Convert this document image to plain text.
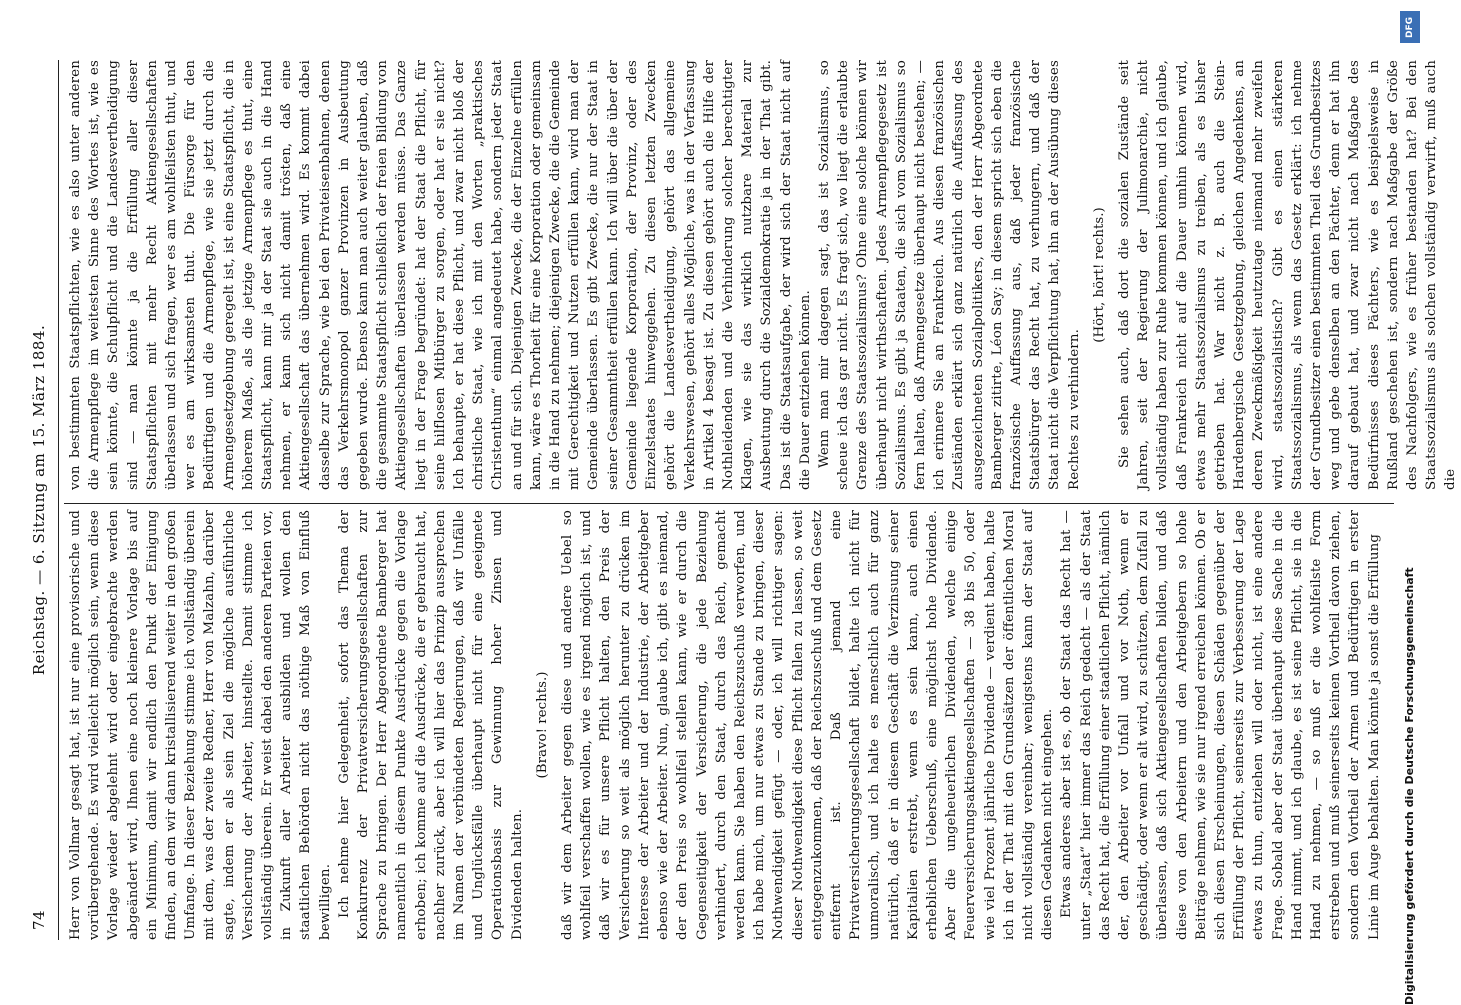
74
Reichstag. — 6. Sitzung am 15. März 1884.

Herr von Vollmar gesagt hat, ist nur eine provisorische und vorübergehende. Es wird vielleicht möglich sein, wenn diese Vorlage wieder abgelehnt wird oder eingebrachte werden abgeändert wird, Ihnen eine noch kleinere Vorlage bis auf ein Minimum, damit wir endlich den Punkt der Einigung finden, an dem wir dann kristallisierend weiter in den großen Umfange. In dieser Beziehung stimme ich vollständig überein mit dem, was der zweite Redner, Herr von Malzahn, darüber sagte, indem er als sein Ziel die mögliche ausführliche Versicherung der Arbeiter, hinstellte. Damit stimme ich vollständig überein. Er weist dabei den anderen Parteien vor, in Zukunft aller Arbeiter ausbilden und wollen den staatlichen Behörden nicht das nöthige Maß von Einfluß bewilligen. Ich nehme hier Gelegenheit, sofort das Thema der Konkurrenz der Privatversicherungsgesellschaften zur Sprache zu bringen. Der Herr Abgeordnete Bamberger hat namentlich in diesem Punkte Ausdrücke gegen die Vorlage erhoben; ich komme auf die Ausdrücke, die er gebraucht hat, nachher zurück, aber ich will hier das Prinzip aussprechen im Namen der verbündeten Regierungen, daß wir Unfälle und Unglücksfälle überhaupt nicht für eine geeignete Operationsbasis zur Gewinnung hoher Zinsen und Dividenden halten.

(Bravo! rechts.) daß wir dem Arbeiter gegen diese und andere Uebel so wohlfeil verschaffen wollen, wie es irgend möglich ist, und daß wir es für unsere Pflicht halten, den Preis der Versicherung so weit als möglich herunter zu drücken im Interesse der Arbeiter und der Industrie, der Arbeitgeber ebenso wie der Arbeiter. Nun, glaube ich, gibt es niemand, der den Preis so wohlfeil stellen kann, wie er durch die Gegenseitigkeit der Versicherung, die jede Beziehung verhindert, durch den Staat, durch das Reich, gemacht werden kann. Sie haben den Reichszuschuß verworfen, und ich habe mich, um nur etwas zu Stande zu bringen, dieser Nothwendigkeit gefügt — oder, ich will richtiger sagen: dieser Nothwendigkeit diese Pflicht fallen zu lassen, so weit entgegenzukommen, daß der Reichszuschuß und dem Gesetz entfernt ist. Daß jemand eine Privatversicherungsgesellschaft bildet, halte ich nicht für unmoralisch, und ich halte es menschlich auch für ganz natürlich, daß er in diesem Geschäft die Verzinsung seiner Kapitalien erstrebt, wenn es sein kann, auch einen erheblichen Ueberschuß, eine möglichst hohe Dividende. Aber die ungeheuerlichen Dividenden, welche einige Feuerversicherungsaktiengesellschaften — 38 bis 50, oder wie viel Prozent jährliche Dividende — verdient haben, halte ich in der That mit den Grundsätzen der öffentlichen Moral nicht vollständig vereinbar; wenigstens kann der Staat auf diesen Gedanken nicht eingehen. Etwas anderes aber ist es, ob der Staat das Recht hat — unter „Staat“ hier immer das Reich gedacht — als der Staat das Recht hat, die Erfüllung einer staatlichen Pflicht, nämlich der, den Arbeiter vor Unfall und vor Noth, wenn er geschädigt, oder wenn er alt wird, zu schützen, dem Zufall zu überlassen, daß sich Aktiengesellschaften bilden, und daß diese von den Arbeitern und den Arbeitgebern so hohe Beiträge nehmen, wie sie nur irgend erreichen können. Ob er sich diesen Erscheinungen, diesen Schäden gegenüber der Erfüllung der Pflicht, seinerseits zur Verbesserung der Lage etwas zu thun, entziehen will oder nicht, ist eine andere Frage. Sobald aber der Staat überhaupt diese Sache in die Hand nimmt, und ich glaube, es ist seine Pflicht, sie in die Hand zu nehmen, — so muß er die wohlfeilste Form erstreben und muß seinerseits keinen Vortheil davon ziehen, sondern den Vortheil der Armen und Bedürftigen in erster Linie im Auge behalten. Man könnte ja sonst die Erfüllung

von bestimmten Staatspflichten, wie es also unter anderen die Armenpflege im weitesten Sinne des Wortes ist, wie es sein könnte, die Schulpflicht und die Landesvertheidigung sind — man könnte ja die Erfüllung aller dieser Staatspflichten mit mehr Recht Aktiengesellschaften überlassen und sich fragen, wer es am wohlfeilsten thut, und wer es am wirksamsten thut. Die Fürsorge für den Bedürftigen und die Armenpflege, wie sie jetzt durch die Armengesetzgebung geregelt ist, ist eine Staatspflicht, die in höherem Maße, als die jetzige Armenpflege es thut, eine Staatspflicht, kann mir ja der Staat sie auch in die Hand nehmen, er kann sich nicht damit trösten, daß eine Aktiengesellschaft das übernehmen wird. Es kommt dabei dasselbe zur Sprache, wie bei den Privateisenbahnen, denen das Verkehrsmonopol ganzer Provinzen in Ausbeutung gegeben wurde. Ebenso kann man auch weiter glauben, daß die gesammte Staatspflicht schließlich der freien Bildung von Aktiengesellschaften überlassen werden müsse. Das Ganze liegt in der Frage begründet: hat der Staat die Pflicht, für seine hilflosen Mitbürger zu sorgen, oder hat er sie nicht? Ich behaupte, er hat diese Pflicht, und zwar nicht bloß der christliche Staat, wie ich mit den Worten „praktisches Christenthum“ einmal angedeutet habe, sondern jeder Staat an und für sich. Diejenigen Zwecke, die der Einzelne erfüllen kann, wäre es Thorheit für eine Korporation oder gemeinsam in die Hand zu nehmen; diejenigen Zwecke, die die Gemeinde mit Gerechtigkeit und Nutzen erfüllen kann, wird man der Gemeinde überlassen. Es gibt Zwecke, die nur der Staat in seiner Gesammtheit erfüllen kann. Ich will über die über der Gemeinde liegende Korporation, der Provinz, oder des Einzelstaates hinweggehen. Zu diesen letzten Zwecken gehört die Landesvertheidigung, gehört das allgemeine Verkehrswesen, gehört alles Mögliche, was in der Verfassung in Artikel 4 besagt ist. Zu diesen gehört auch die Hilfe der Nothleidenden und die Verhinderung solcher berechtigter Klagen, wie sie das wirklich nutzbare Material zur Ausbeutung durch die Sozialdemokratie ja in der That gibt. Das ist die Staatsaufgabe, der wird sich der Staat nicht auf die Dauer entziehen können. Wenn man mir dagegen sagt, das ist Sozialismus, so scheue ich das gar nicht. Es fragt sich, wo liegt die erlaubte Grenze des Staatssozialismus? Ohne eine solche können wir überhaupt nicht wirthschaften. Jedes Armenpflegegesetz ist Sozialismus. Es gibt ja Staaten, die sich vom Sozialismus so fern halten, daß Armengesetze überhaupt nicht bestehen; — ich erinnere Sie an Frankreich. Aus diesen französischen Zuständen erklärt sich ganz natürlich die Auffassung des ausgezeichneten Sozialpolitikers, den der Herr Abgeordnete Bamberger zitirte, Léon Say; in diesem spricht sich eben die französische Auffassung aus, daß jeder französische Staatsbürger das Recht hat, zu verhungern, und daß der Staat nicht die Verpflichtung hat, ihn an der Ausübung dieses Rechtes zu verhindern.

(Hört, hört! rechts.) Sie sehen auch, daß dort die sozialen Zustände seit Jahren, seit der Regierung der Julimonarchie, nicht vollständig haben zur Ruhe kommen können, und ich glaube, daß Frankreich nicht auf die Dauer umhin können wird, etwas mehr Staatssozialismus zu treiben, als es bisher getrieben hat. War nicht z. B. auch die Stein-Hardenbergische Gesetzgebung, gleichen Angedenkens, an deren Zweckmäßigkeit heutzutage niemand mehr zweifeln wird, staatssozialistisch? Gibt es einen stärkeren Staatssozialismus, als wenn das Gesetz erklärt: ich nehme der Grundbesitzer einen bestimmten Theil des Grundbesitzes weg und gebe denselben an den Pächter, denn er hat ihn darauf gebaut hat, und zwar nicht nach Maßgabe des Bedürfnisses dieses Pächters, wie es beispielsweise in Rußland geschehen ist, sondern nach Maßgabe der Größe des Nachfolgers, wie es früher bestanden hat? Bei den Staatssozialismus als solchen vollständig verwirft, muß auch die

Digitalisierung gefördert durch die Deutsche Forschungsgemeinschaft
DFG
